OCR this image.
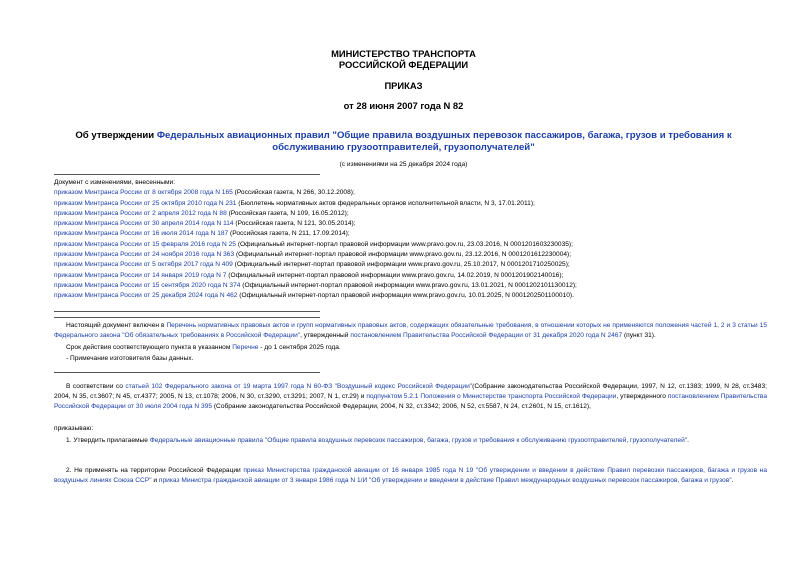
МИНИСТЕРСТВО ТРАНСПОРТА
РОССИЙСКОЙ ФЕДЕРАЦИИ
ПРИКАЗ
от 28 июня 2007 года N 82
Об утверждении Федеральных авиационных правил "Общие правила воздушных перевозок пассажиров, багажа, грузов и требования к обслуживанию грузоотправителей, грузополучателей"
(с изменениями на 25 декабря 2024 года)
Документ с изменениями, внесенными:
приказом Минтранса России от 8 октября 2008 года N 165 (Российская газета, N 266, 30.12.2008);
приказом Минтранса России от 25 октября 2010 года N 231 (Бюллетень нормативных актов федеральных органов исполнительной власти, N 3, 17.01.2011);
приказом Минтранса России от 2 апреля 2012 года N 88 (Российская газета, N 109, 16.05.2012);
приказом Минтранса России от 30 апреля 2014 года N 114 (Российская газета, N 121, 30.05.2014);
приказом Минтранса России от 16 июля 2014 года N 187 (Российская газета, N 211, 17.09.2014);
приказом Минтранса России от 15 февраля 2016 года N 25 (Официальный интернет-портал правовой информации www.pravo.gov.ru, 23.03.2016, N 0001201603230035);
приказом Минтранса России от 24 ноября 2016 года N 363 (Официальный интернет-портал правовой информации www.pravo.gov.ru, 23.12.2016, N 0001201612230004);
приказом Минтранса России от 5 октября 2017 года N 409 (Официальный интернет-портал правовой информации www.pravo.gov.ru, 25.10.2017, N 0001201710250025);
приказом Минтранса России от 14 января 2019 года N 7 (Официальный интернет-портал правовой информации www.pravo.gov.ru, 14.02.2019, N 0001201902140016);
приказом Минтранса России от 15 сентября 2020 года N 374 (Официальный интернет-портал правовой информации www.pravo.gov.ru, 13.01.2021, N 0001202101130012);
приказом Минтранса России от 25 декабря 2024 года N 462 (Официальный интернет-портал правовой информации www.pravo.gov.ru, 10.01.2025, N 0001202501100010).
Настоящий документ включен в Перечень нормативных правовых актов и групп нормативных правовых актов, содержащих обязательные требования, в отношении которых не применяются положения частей 1, 2 и 3 статьи 15 Федерального закона "Об обязательных требованиях в Российской Федерации", утвержденный постановлением Правительства Российской Федерации от 31 декабря 2020 года N 2467 (пункт 31).
Срок действия соответствующего пункта в указанном Перечне - до 1 сентября 2025 года.
- Примечание изготовителя базы данных.
В соответствии со статьей 102 Федерального закона от 19 марта 1997 года N 60-ФЗ "Воздушный кодекс Российской Федерации"(Собрание законодательства Российской Федерации, 1997, N 12, ст.1383; 1999, N 28, ст.3483; 2004, N 35, ст.3607; N 45, ст.4377; 2005, N 13, ст.1078; 2006, N 30, ст.3290, ст.3291; 2007, N 1, ст.29) и подпунктом 5.2.1 Положения о Министерстве транспорта Российской Федерации, утвержденного постановлением Правительства Российской Федерации от 30 июля 2004 года N 395 (Собрание законодательства Российской Федерации, 2004, N 32, ст.3342; 2006, N 52, ст.5587, N 24, ст.2601, N 15, ст.1612),
приказываю:
1. Утвердить прилагаемые Федеральные авиационные правила "Общие правила воздушных перевозок пассажиров, багажа, грузов и требования к обслуживанию грузоотправителей, грузополучателей".
2. Не применять на территории Российской Федерации приказ Министерства гражданской авиации от 16 января 1985 года N 19 "Об утверждении и введении в действие Правил перевозки пассажиров, багажа и грузов на воздушных линиях Союза ССР" и приказ Министра гражданской авиации от 3 января 1986 года N 1/И "Об утверждении и введении в действие Правил международных воздушных перевозок пассажиров, багажа и грузов".
